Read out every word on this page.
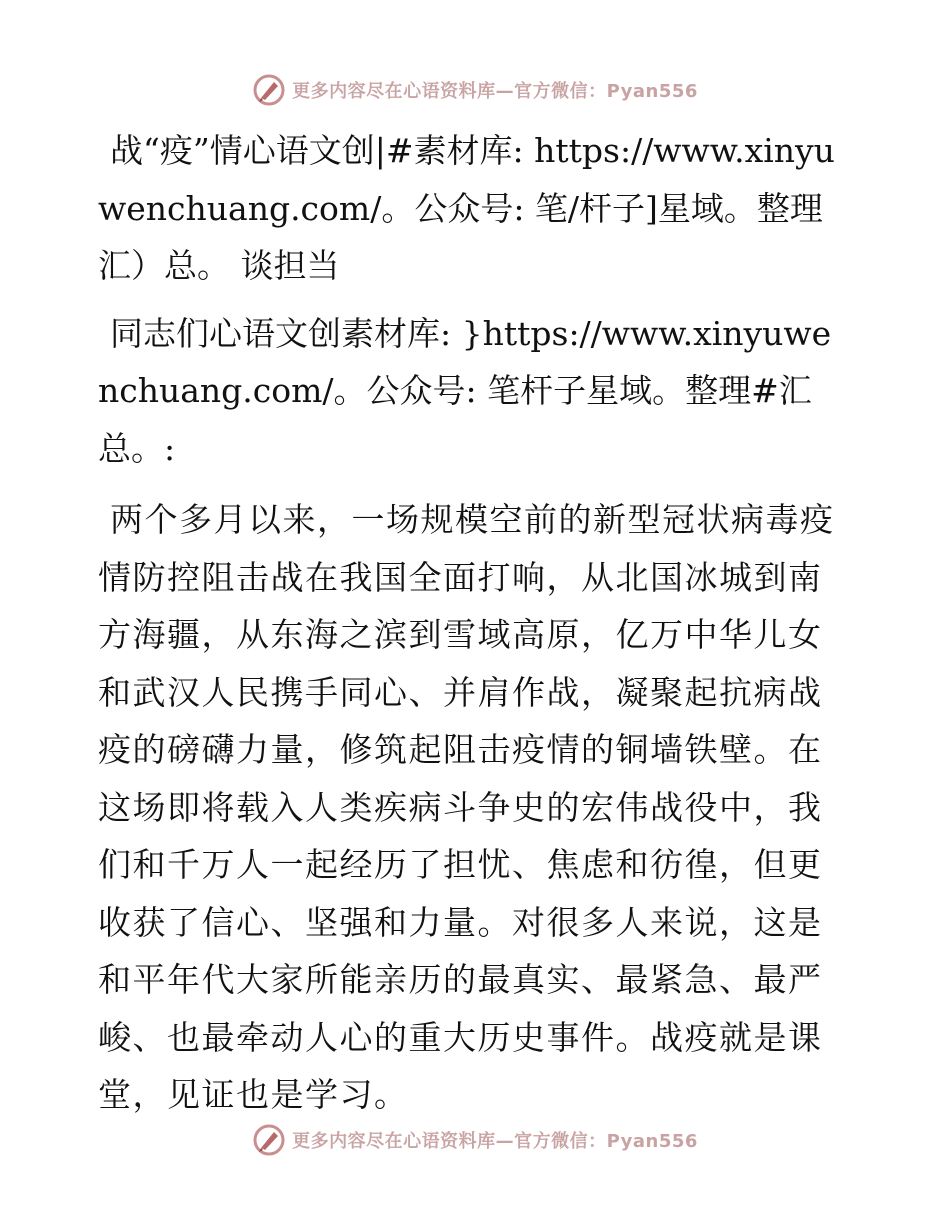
更多内容尽在心语资料库—官方微信：Pyan556

战“疫”情心语文创|#素材库: https://www.xinyuwenchuang.com/。公众号: 笔/杆子]星域。整理汇）总。 谈担当

同志们心语文创素材库: }https://www.xinyuwenchuang.com/。公众号: 笔杆子星域。整理#汇总。:

两个多月以来，一场规模空前的新型冠状病毒疫情防控阻击战在我国全面打响，从北国冰城到南方海疆，从东海之滨到雪域高原，亿万中华儿女和武汉人民携手同心、并肩作战，凝聚起抗病战疫的磅礴力量，修筑起阻击疫情的铜墙铁壁。在这场即将载入人类疾病斗争史的宏伟战役中，我们和千万人一起经历了担忧、焦虑和彷徨，但更收获了信心、坚强和力量。对很多人来说，这是和平年代大家所能亲历的最真实、最紧急、最严峻、也最牵动人心的重大历史事件。战疫就是课堂，见证也是学习。

更多内容尽在心语资料库—官方微信：Pyan556
